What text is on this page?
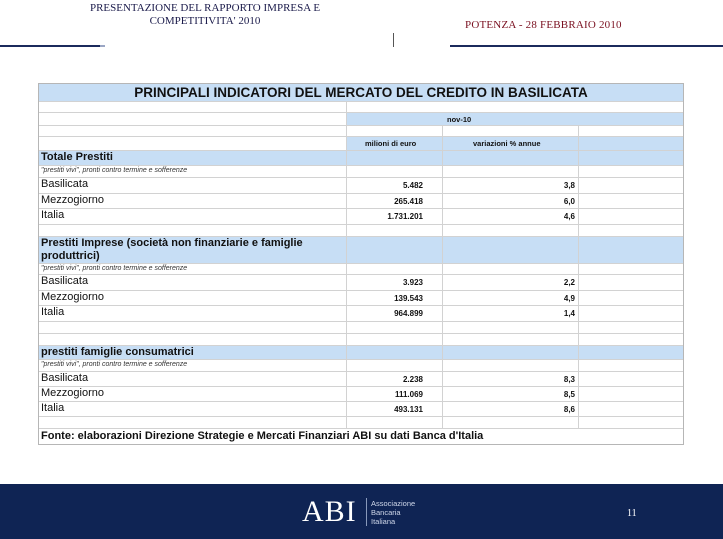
PRESENTAZIONE DEL RAPPORTO IMPRESA E
COMPETITIVITA' 2010	POTENZA - 28 FEBBRAIO 2010
PRINCIPALI INDICATORI DEL MERCATO DEL CREDITO IN BASILICATA
nov-10
milioni di euro	variazioni % annue
Totale Prestiti
"prestiti vivi", pronti contro termine e sofferenze
Basilicata	5.482	3,8
Mezzogiorno	265.418	6,0
Italia	1.731.201	4,6
Prestiti Imprese (società non finanziarie e famiglie
produttrici)
"prestiti vivi", pronti contro termine e sofferenze
Basilicata	3.923	2,2
Mezzogiorno	139.543	4,9
Italia	964.899	1,4
prestiti famiglie consumatrici
"prestiti vivi", pronti contro termine e sofferenze
Basilicata	2.238	8,3
Mezzogiorno	111.069	8,5
Italia	493.131	8,6
Fonte: elaborazioni Direzione Strategie e Mercati Finanziari ABI su dati Banca d'Italia
ABI Associazione
Bancaria
Italiana
11
